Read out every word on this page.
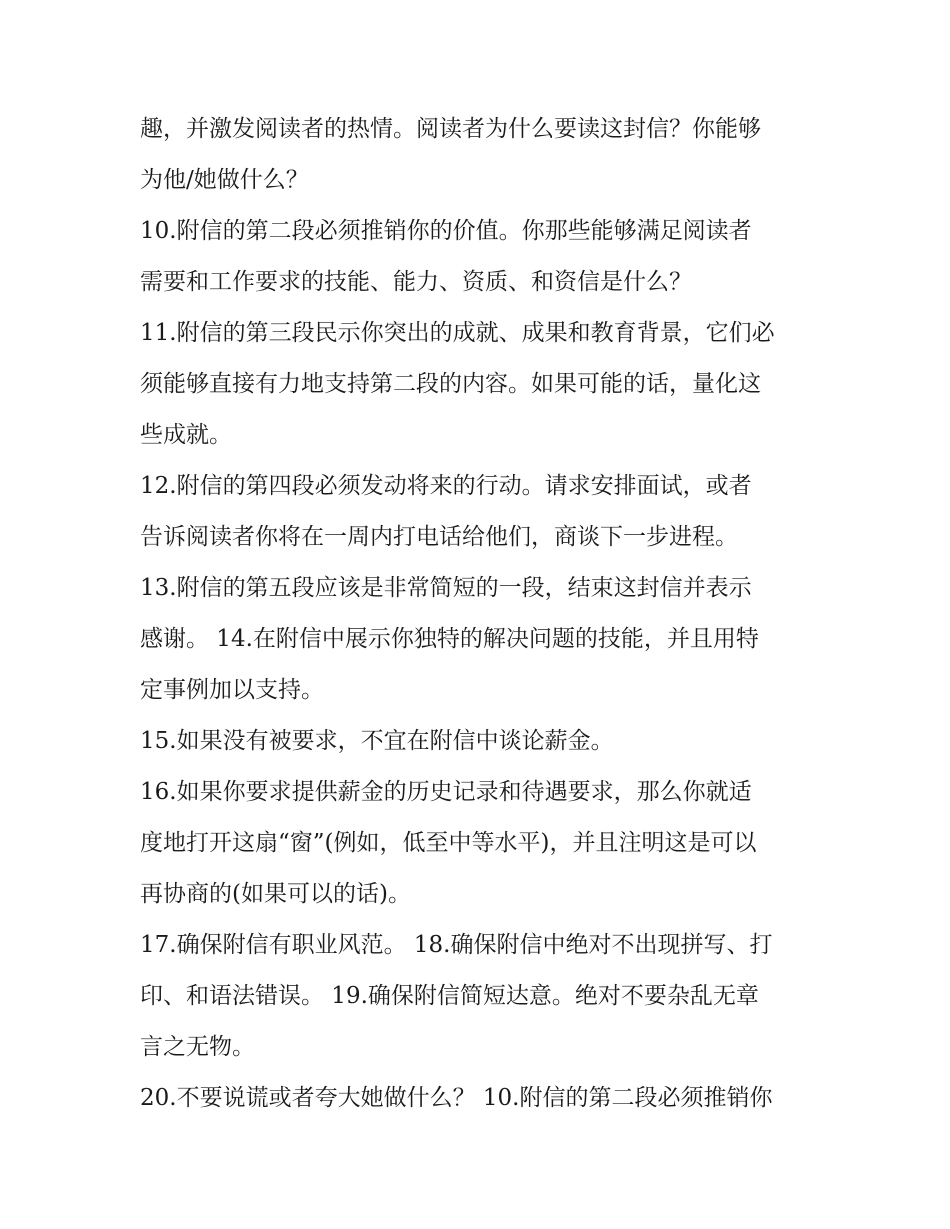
趣，并激发阅读者的热情。阅读者为什么要读这封信？你能够
为他/她做什么？
10.附信的第二段必须推销你的价值。你那些能够满足阅读者
需要和工作要求的技能、能力、资质、和资信是什么？
11.附信的第三段民示你突出的成就、成果和教育背景，它们必
须能够直接有力地支持第二段的内容。如果可能的话，量化这
些成就。
12.附信的第四段必须发动将来的行动。请求安排面试，或者
告诉阅读者你将在一周内打电话给他们，商谈下一步进程。
13.附信的第五段应该是非常简短的一段，结束这封信并表示
感谢。 14.在附信中展示你独特的解决问题的技能，并且用特
定事例加以支持。
15.如果没有被要求，不宜在附信中谈论薪金。
16.如果你要求提供薪金的历史记录和待遇要求，那么你就适
度地打开这扇“窗”(例如，低至中等水平)，并且注明这是可以
再协商的(如果可以的话)。
17.确保附信有职业风范。 18.确保附信中绝对不出现拼写、打
印、和语法错误。 19.确保附信简短达意。绝对不要杂乱无章
言之无物。
20.不要说谎或者夸大她做什么？ 10.附信的第二段必须推销你
